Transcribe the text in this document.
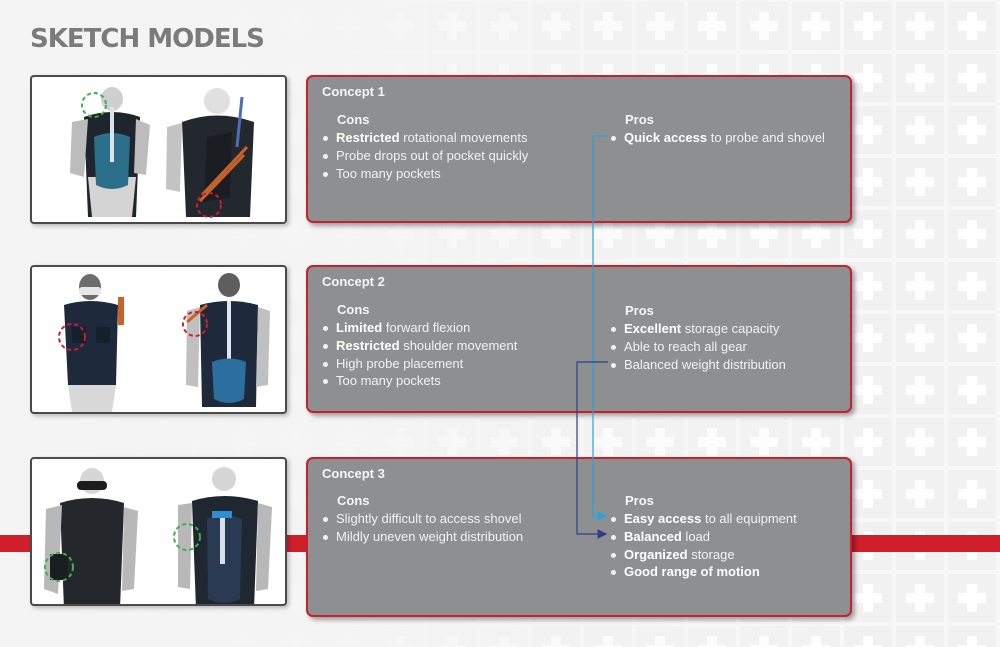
SKETCH MODELS
Concept 1
Cons
Restricted rotational movements
Probe drops out of pocket quickly
Too many pockets
Pros
Quick access to probe and shovel
Concept 2
Cons
Limited forward flexion
Restricted shoulder movement
High probe placement
Too many pockets
Pros
Excellent storage capacity
Able to reach all gear
Balanced weight distribution
Concept 3
Cons
Slightly difficult to access shovel
Mildly uneven weight distribution
Pros
Easy access to all equipment
Balanced load
Organized storage
Good range of motion
